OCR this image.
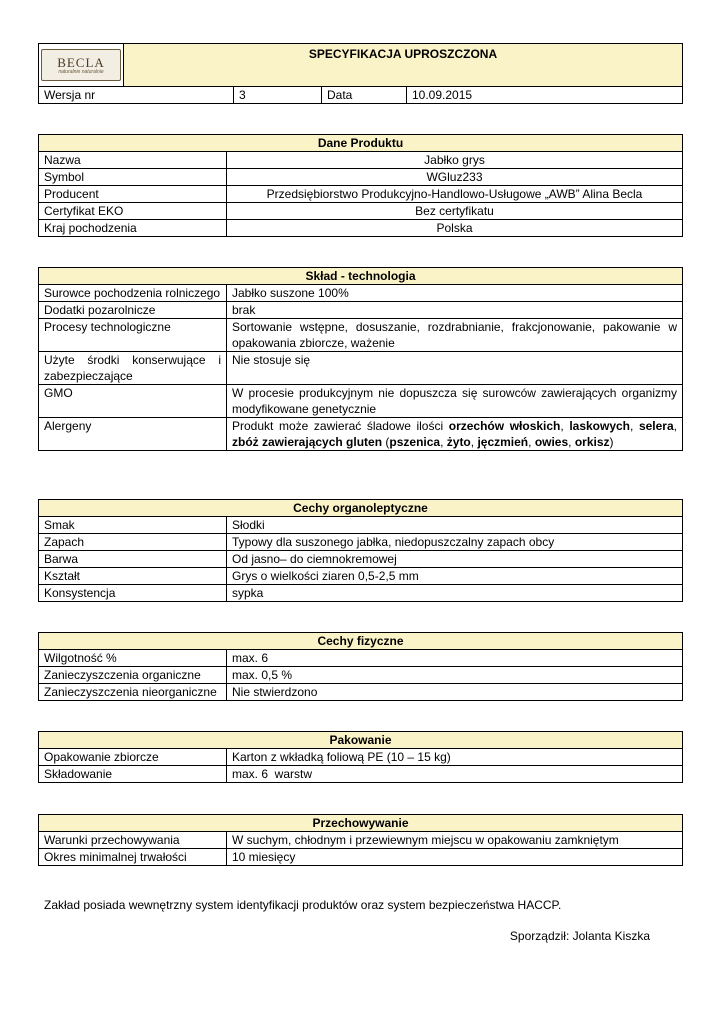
BECLA
naturalnie naturalnie	SPECYFIKACJA UPROSZCZONA			
Wersja nr		3	Data	10.09.2015
Dane Produktu	
Nazwa	Jabłko grys
Symbol	WGluz233
Producent	Przedsiębiorstwo Produkcyjno-Handlowo-Usługowe „AWB” Alina Becla
Certyfikat EKO	Bez certyfikatu
Kraj pochodzenia	Polska
Skład - technologia	
Surowce pochodzenia rolniczego	Jabłko suszone 100%
Dodatki pozarolnicze	brak
Procesy technologiczne	Sortowanie wstępne, dosuszanie, rozdrabnianie, frakcjonowanie, pakowanie w opakowania zbiorcze, ważenie
Użyte środki konserwujące i zabezpieczające	Nie stosuje się
GMO	W procesie produkcyjnym nie dopuszcza się surowców zawierających organizmy modyfikowane genetycznie
Alergeny	Produkt może zawierać śladowe ilości orzechów włoskich, laskowych, selera, zbóż zawierających gluten (pszenica, żyto, jęczmień, owies, orkisz)
Cechy organoleptyczne	
Smak	Słodki
Zapach	Typowy dla suszonego jabłka, niedopuszczalny zapach obcy
Barwa	Od jasno– do ciemnokremowej
Kształt	Grys o wielkości ziaren 0,5-2,5 mm
Konsystencja	sypka
Cechy fizyczne	
Wilgotność %	max. 6
Zanieczyszczenia organiczne	max. 0,5 %
Zanieczyszczenia nieorganiczne	Nie stwierdzono
Pakowanie	
Opakowanie zbiorcze	Karton z wkładką foliową PE (10 – 15 kg)
Składowanie	max. 6  warstw
Przechowywanie	
Warunki przechowywania	W suchym, chłodnym i przewiewnym miejscu w opakowaniu zamkniętym
Okres minimalnej trwałości	10 miesięcy
Zakład posiada wewnętrzny system identyfikacji produktów oraz system bezpieczeństwa HACCP.
Sporządził: Jolanta Kiszka
